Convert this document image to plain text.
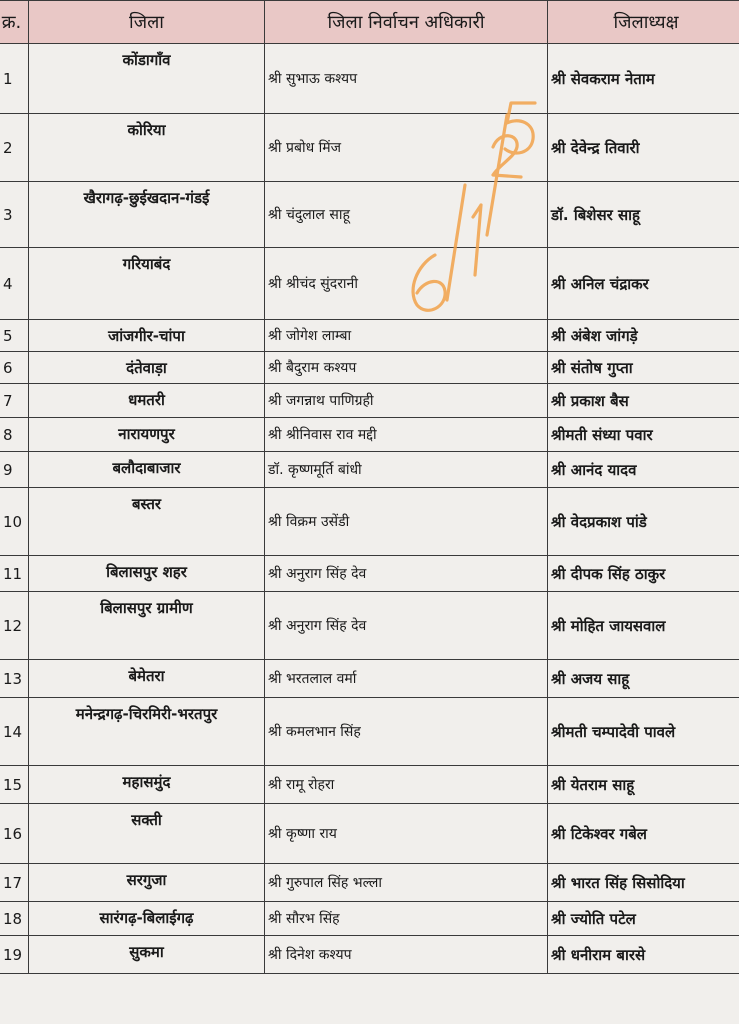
क्र.	जिला	जिला निर्वाचन अधिकारी	जिलाध्यक्ष
1	कोंडागाँव	श्री सुभाऊ कश्यप	श्री सेवकराम नेताम
2	कोरिया	श्री प्रबोध मिंज	श्री देवेन्द्र तिवारी
3	खैरागढ़-छुईखदान-गंडई	श्री चंदुलाल साहू	डॉ. बिशेसर साहू
4	गरियाबंद	श्री श्रीचंद सुंदरानी	श्री अनिल चंद्राकर
5	जांजगीर-चांपा	श्री जोगेश लाम्बा	श्री अंबेश जांगड़े
6	दंतेवाड़ा	श्री बैदुराम कश्यप	श्री संतोष गुप्ता
7	धमतरी	श्री जगन्नाथ पाणिग्रही	श्री प्रकाश बैस
8	नारायणपुर	श्री श्रीनिवास राव मद्दी	श्रीमती संध्या पवार
9	बलौदाबाजार	डॉ. कृष्णमूर्ति बांधी	श्री आनंद यादव
10	बस्तर	श्री विक्रम उसेंडी	श्री वेदप्रकाश पांडे
11	बिलासपुर शहर	श्री अनुराग सिंह देव	श्री दीपक सिंह ठाकुर
12	बिलासपुर ग्रामीण	श्री अनुराग सिंह देव	श्री मोहित जायसवाल
13	बेमेतरा	श्री भरतलाल वर्मा	श्री अजय साहू
14	मनेन्द्रगढ़-चिरमिरी-भरतपुर	श्री कमलभान सिंह	श्रीमती चम्पादेवी पावले
15	महासमुंद	श्री रामू रोहरा	श्री येतराम साहू
16	सक्ती	श्री कृष्णा राय	श्री टिकेश्वर गबेल
17	सरगुजा	श्री गुरुपाल सिंह भल्ला	श्री भारत सिंह सिसोदिया
18	सारंगढ़-बिलाईगढ़	श्री सौरभ सिंह	श्री ज्योति पटेल
19	सुकमा	श्री दिनेश कश्यप	श्री धनीराम बारसे
